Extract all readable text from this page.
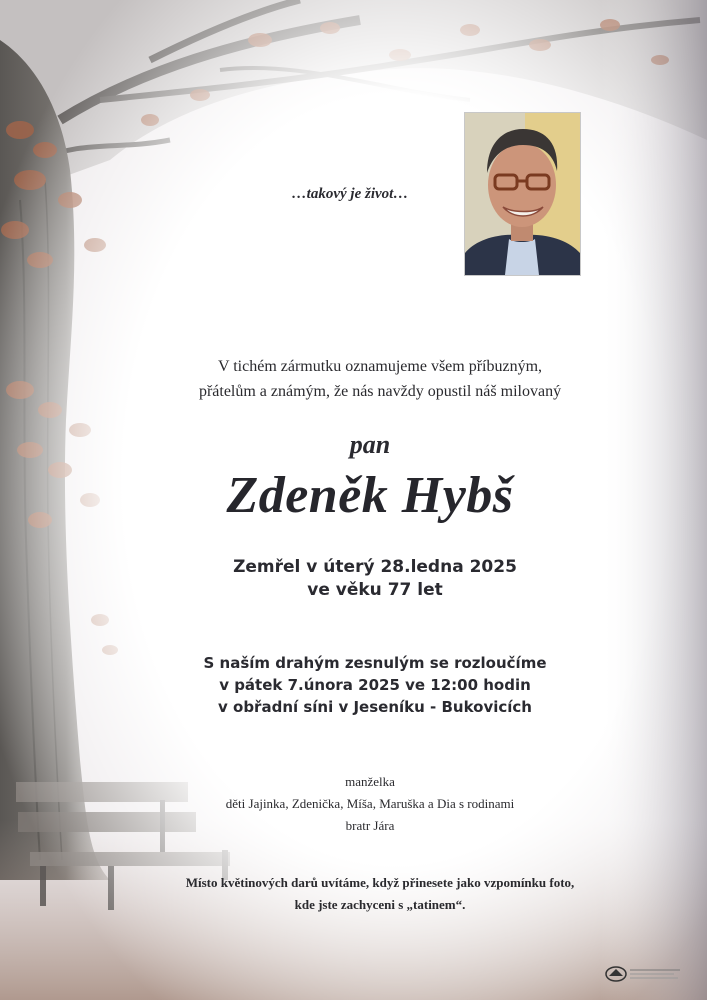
…takový je život…
V tichém zármutku oznamujeme všem příbuzným,
přátelům a známým, že nás navždy opustil náš milovaný
pan
Zdeněk Hybš
Zemřel v úterý 28.ledna 2025
ve věku 77 let
S naším drahým zesnulým se rozloučíme
v pátek 7.února 2025 ve 12:00 hodin
v obřadní síni v Jeseníku - Bukovicích
manželka
děti Jajinka, Zdenička, Míša, Maruška a Dia s rodinami
bratr Jára
Místo květinových darů uvítáme, když přinesete jako vzpomínku foto,
kde jste zachyceni s „tatinem“.
